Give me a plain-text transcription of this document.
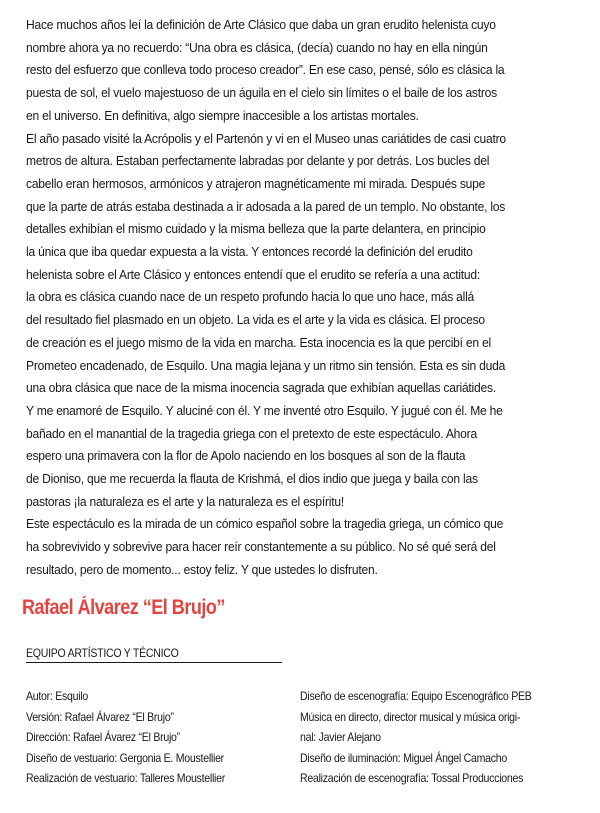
Hace muchos años leí la definición de Arte Clásico que daba un gran erudito helenista cuyo
nombre ahora ya no recuerdo: “Una obra es clásica, (decía) cuando no hay en ella ningún
resto del esfuerzo que conlleva todo proceso creador”. En ese caso, pensé, sólo es clásica la
puesta de sol, el vuelo majestuoso de un águila en el cielo sin límites o el baile de los astros
en el universo. En definitiva, algo siempre inaccesible a los artistas mortales.
El año pasado visité la Acrópolis y el Partenón y vi en el Museo unas cariátides de casi cuatro
metros de altura. Estaban perfectamente labradas por delante y por detrás. Los bucles del
cabello eran hermosos, armónicos y atrajeron magnéticamente mi mirada. Después supe
que la parte de atrás estaba destinada a ir adosada a la pared de un templo. No obstante, los
detalles exhibían el mismo cuidado y la misma belleza que la parte delantera, en principio
la única que iba quedar expuesta a la vista. Y entonces recordé la definición del erudito
helenista sobre el Arte Clásico y entonces entendí que el erudito se refería a una actitud:
la obra es clásica cuando nace de un respeto profundo hacia lo que uno hace, más allá
del resultado fiel plasmado en un objeto. La vida es el arte y la vida es clásica. El proceso
de creación es el juego mismo de la vida en marcha. Esta inocencia es la que percibí en el
Prometeo encadenado, de Esquilo. Una magia lejana y un ritmo sin tensión. Esta es sin duda
una obra clásica que nace de la misma inocencia sagrada que exhibían aquellas cariátides.
Y me enamoré de Esquilo. Y aluciné con él. Y me inventé otro Esquilo. Y jugué con él. Me he
bañado en el manantial de la tragedia griega con el pretexto de este espectáculo. Ahora
espero una primavera con la flor de Apolo naciendo en los bosques al son de la flauta
de Dioniso, que me recuerda la flauta de Krishmá, el dios indio que juega y baila con las
pastoras ¡la naturaleza es el arte y la naturaleza es el espíritu!
Este espectáculo es la mirada de un cómico español sobre la tragedia griega, un cómico que
ha sobrevivido y sobrevive para hacer reír constantemente a su público. No sé qué será del
resultado, pero de momento... estoy feliz. Y que ustedes lo disfruten.
Rafael Álvarez “El Brujo”
EQUIPO ARTÍSTICO Y TÉCNICO
Autor: Esquilo
Versión: Rafael Álvarez “El Brujo”
Dirección: Rafael Ávarez “El Brujo”
Diseño de vestuario: Gergonia E. Moustellier
Realización de vestuario: Talleres Moustellier
Diseño de escenografía: Equipo Escenográfico PEB
Música en directo, director musical y música origi-
nal: Javier Alejano
Diseño de iluminación: Miguel Ángel Camacho
Realización de escenografía: Tossal Producciones
